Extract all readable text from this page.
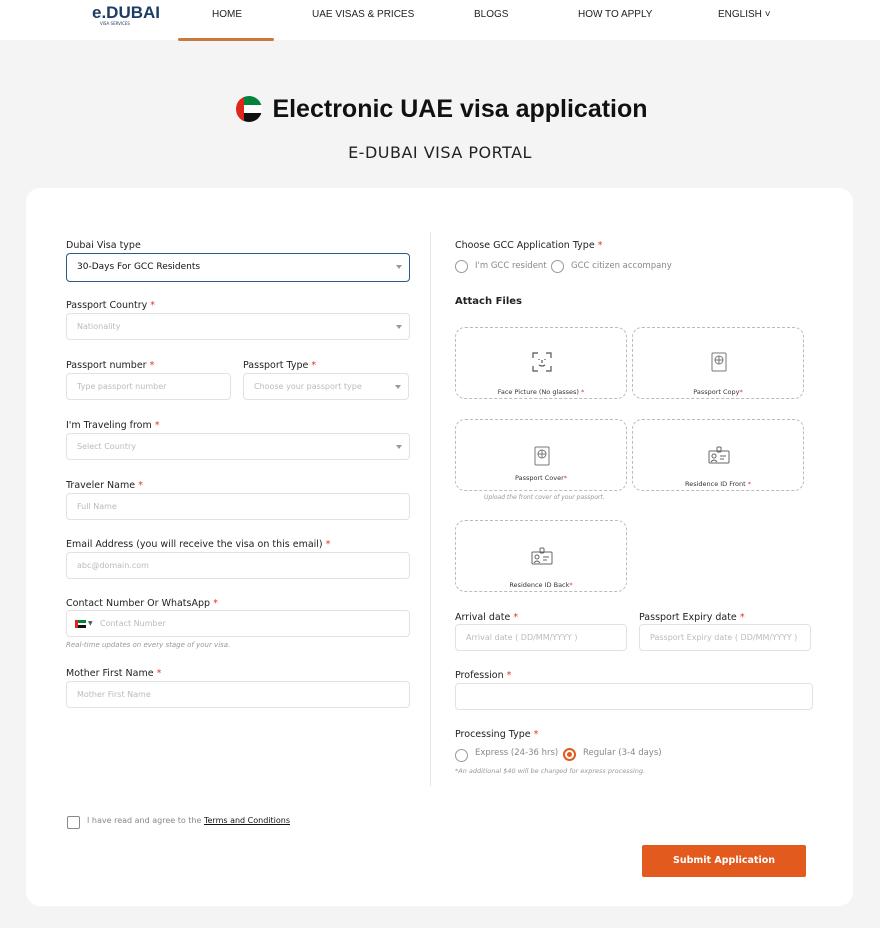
e.DUBAI
VISA SERVICES
HOME	UAE VISAS & PRICES	BLOGS	HOW TO APPLY	ENGLISH ˅
Electronic UAE visa application
E-DUBAI VISA PORTAL
Dubai Visa type
30-Days For GCC Residents
Passport Country *
Nationality
Passport number *
Type passport number
Passport Type *
Choose your passport type
I'm Traveling from *
Select Country
Traveler Name *
Full Name
Email Address (you will receive the visa on this email) *
abc@domain.com
Contact Number Or WhatsApp *
▼ Contact Number
Real-time updates on every stage of your visa.
Mother First Name *
Mother First Name
Choose GCC Application Type *
I'm GCC resident	GCC citizen accompany
Attach Files
Face Picture (No glasses) *	Passport Copy*
Passport Cover*
Upload the front cover of your passport.
Residence ID Front *
Residence ID Back*
Arrival date *
Arrival date ( DD/MM/YYYY )
Passport Expiry date *
Passport Expiry date ( DD/MM/YYYY )
Profession *
Processing Type *
Express (24-36 hrs)	Regular (3-4 days)
*An additional $40 will be charged for express processing.
I have read and agree to the Terms and Conditions
Submit Application
